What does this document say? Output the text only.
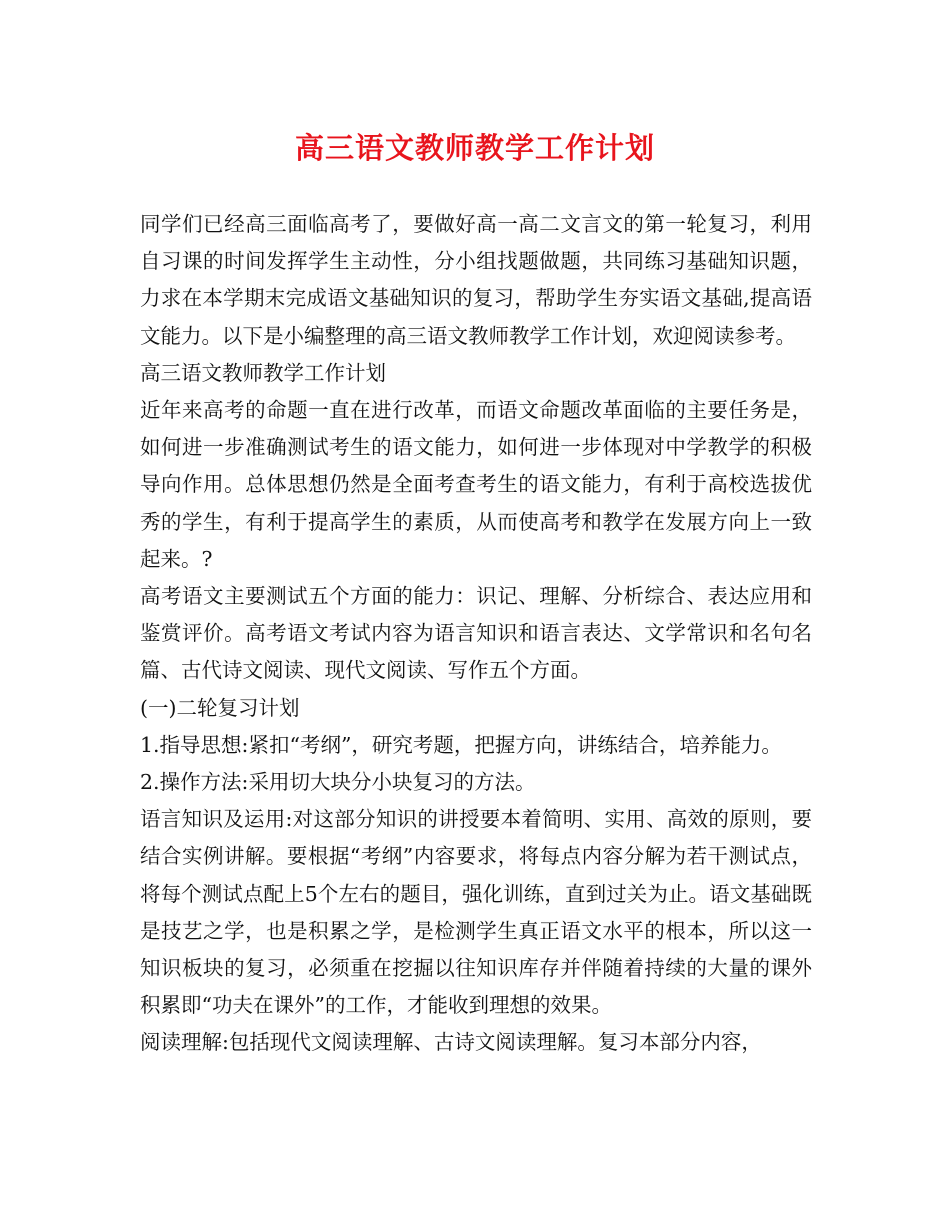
高三语文教师教学工作计划

同学们已经高三面临高考了，要做好高一高二文言文的第一轮复习，利用自习课的时间发挥学生主动性，分小组找题做题，共同练习基础知识题，力求在本学期末完成语文基础知识的复习，帮助学生夯实语文基础,提高语文能力。以下是小编整理的高三语文教师教学工作计划，欢迎阅读参考。

高三语文教师教学工作计划

近年来高考的命题一直在进行改革，而语文命题改革面临的主要任务是，如何进一步准确测试考生的语文能力，如何进一步体现对中学教学的积极导向作用。总体思想仍然是全面考查考生的语文能力，有利于高校选拔优秀的学生，有利于提高学生的素质，从而使高考和教学在发展方向上一致起来。?

高考语文主要测试五个方面的能力：识记、理解、分析综合、表达应用和鉴赏评价。高考语文考试内容为语言知识和语言表达、文学常识和名句名篇、古代诗文阅读、现代文阅读、写作五个方面。

(一)二轮复习计划

1.指导思想:紧扣“考纲”，研究考题，把握方向，讲练结合，培养能力。

2.操作方法:采用切大块分小块复习的方法。

语言知识及运用:对这部分知识的讲授要本着简明、实用、高效的原则，要结合实例讲解。要根据“考纲”内容要求，将每点内容分解为若干测试点，将每个测试点配上5个左右的题目，强化训练，直到过关为止。语文基础既是技艺之学，也是积累之学，是检测学生真正语文水平的根本，所以这一知识板块的复习，必须重在挖掘以往知识库存并伴随着持续的大量的课外积累即“功夫在课外”的工作，才能收到理想的效果。

阅读理解:包括现代文阅读理解、古诗文阅读理解。复习本部分内容，
